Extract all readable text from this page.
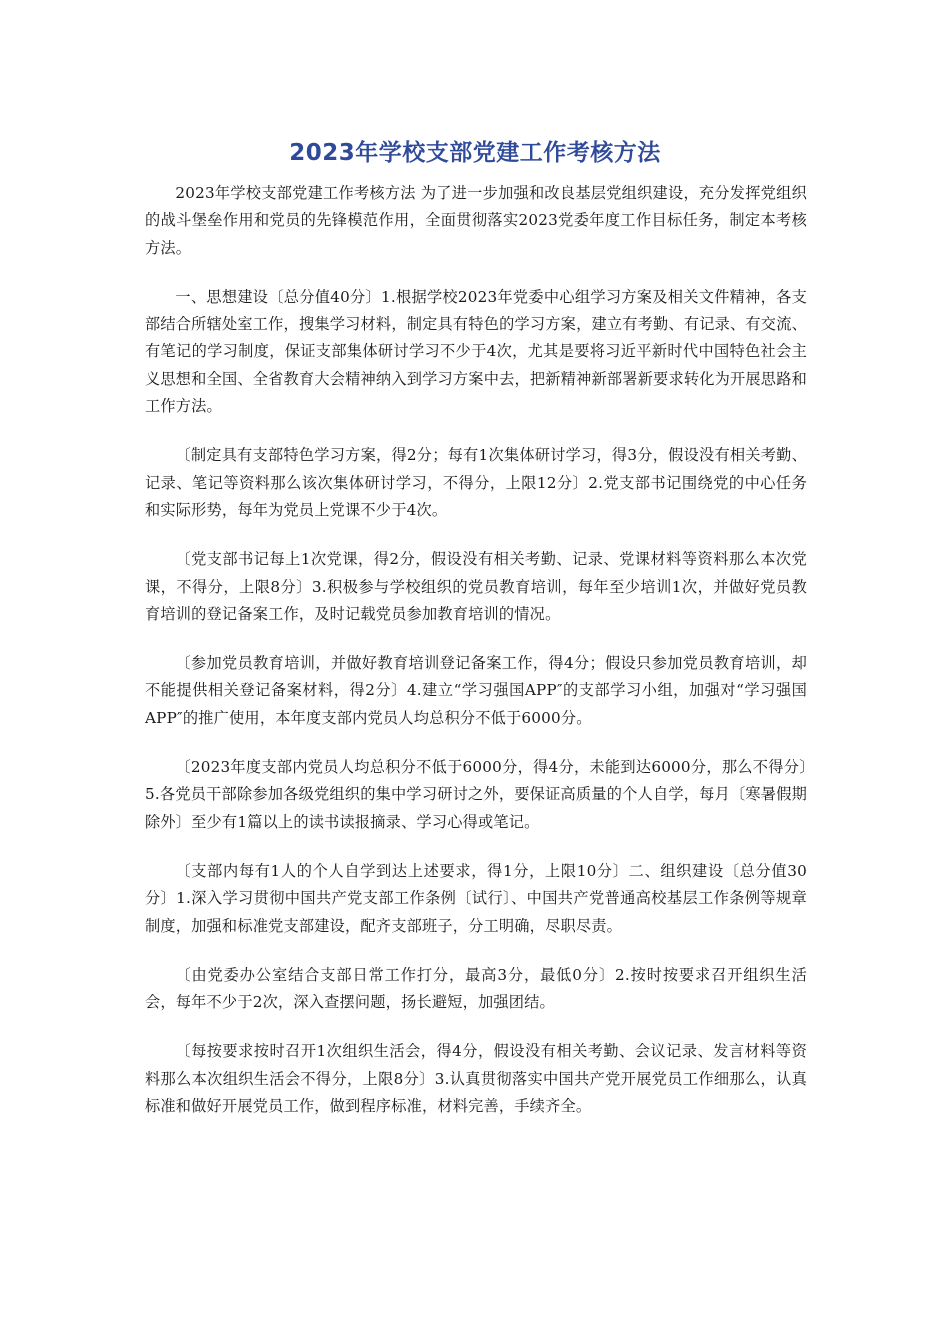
2023年学校支部党建工作考核方法

2023年学校支部党建工作考核方法 为了进一步加强和改良基层党组织建设，充分发挥党组织的战斗堡垒作用和党员的先锋模范作用，全面贯彻落实2023党委年度工作目标任务，制定本考核方法。

一、思想建设〔总分值40分〕1.根据学校2023年党委中心组学习方案及相关文件精神，各支部结合所辖处室工作，搜集学习材料，制定具有特色的学习方案，建立有考勤、有记录、有交流、有笔记的学习制度，保证支部集体研讨学习不少于4次，尤其是要将习近平新时代中国特色社会主义思想和全国、全省教育大会精神纳入到学习方案中去，把新精神新部署新要求转化为开展思路和工作方法。

〔制定具有支部特色学习方案，得2分；每有1次集体研讨学习，得3分，假设没有相关考勤、记录、笔记等资料那么该次集体研讨学习，不得分，上限12分〕2.党支部书记围绕党的中心任务和实际形势，每年为党员上党课不少于4次。

〔党支部书记每上1次党课，得2分，假设没有相关考勤、记录、党课材料等资料那么本次党课，不得分，上限8分〕3.积极参与学校组织的党员教育培训，每年至少培训1次，并做好党员教育培训的登记备案工作，及时记载党员参加教育培训的情况。

〔参加党员教育培训，并做好教育培训登记备案工作，得4分；假设只参加党员教育培训，却不能提供相关登记备案材料，得2分〕4.建立“学习强国APP″的支部学习小组，加强对“学习强国APP″的推广使用，本年度支部内党员人均总积分不低于6000分。

〔2023年度支部内党员人均总积分不低于6000分，得4分，未能到达6000分，那么不得分〕5.各党员干部除参加各级党组织的集中学习研讨之外，要保证高质量的个人自学，每月〔寒暑假期除外〕至少有1篇以上的读书读报摘录、学习心得或笔记。

〔支部内每有1人的个人自学到达上述要求，得1分，上限10分〕二、组织建设〔总分值30分〕1.深入学习贯彻中国共产党支部工作条例〔试行〕、中国共产党普通高校基层工作条例等规章制度，加强和标准党支部建设，配齐支部班子，分工明确，尽职尽责。

〔由党委办公室结合支部日常工作打分，最高3分，最低0分〕2.按时按要求召开组织生活会，每年不少于2次，深入查摆问题，扬长避短，加强团结。

〔每按要求按时召开1次组织生活会，得4分，假设没有相关考勤、会议记录、发言材料等资料那么本次组织生活会不得分，上限8分〕3.认真贯彻落实中国共产党开展党员工作细那么，认真标准和做好开展党员工作，做到程序标准，材料完善，手续齐全。
